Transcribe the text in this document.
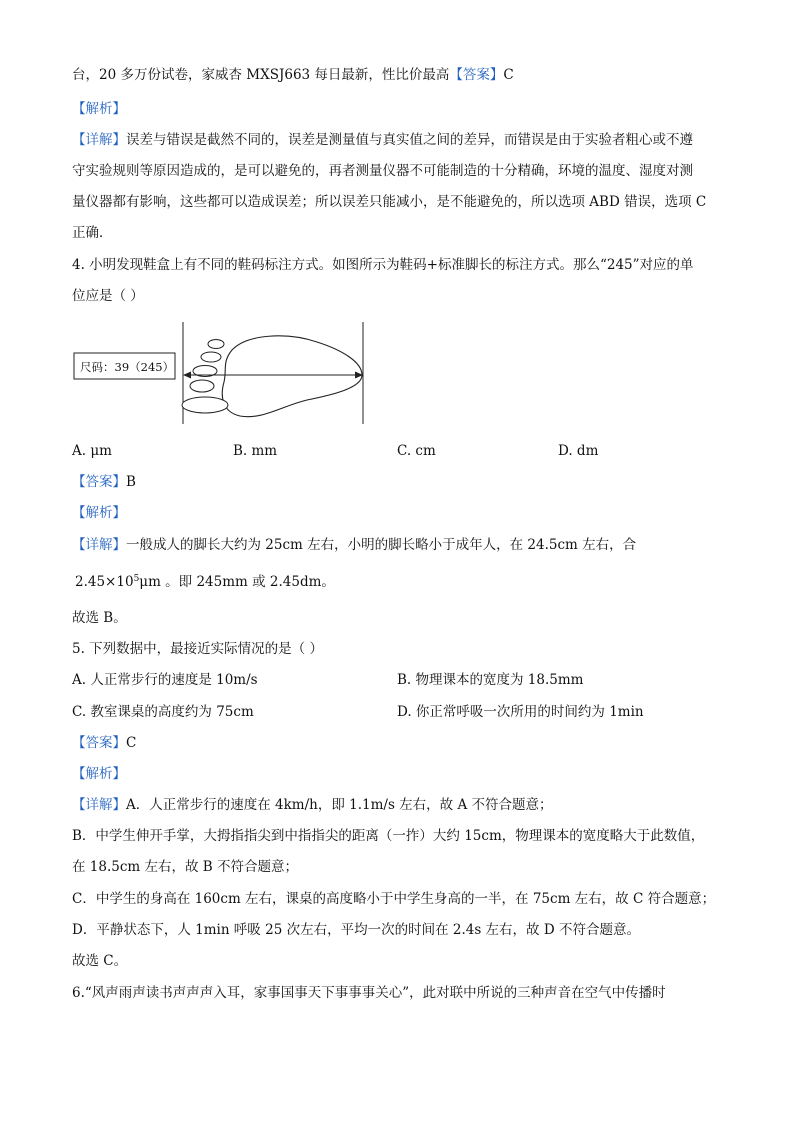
台，20 多万份试卷，家威杏 MXSJ663 每日最新，性比价最高【答案】C
【解析】
【详解】误差与错误是截然不同的，误差是测量值与真实值之间的差异，而错误是由于实验者粗心或不遵
守实验规则等原因造成的，是可以避免的，再者测量仪器不可能制造的十分精确，环境的温度、湿度对测
量仪器都有影响，这些都可以造成误差；所以误差只能减小，是不能避免的，所以选项 ABD 错误，选项 C
正确．
4. 小明发现鞋盒上有不同的鞋码标注方式。如图所示为鞋码+标准脚长的标注方式。那么“245”对应的单
位应是（ ）
尺码：39（245）
A. μm	B. mm	C. cm	D. dm
【答案】B
【解析】
【详解】一般成人的脚长大约为 25cm 左右，小明的脚长略小于成年人，在 24.5cm 左右，合
$2.45\times 10^5\mu m$ 。即 245mm 或 2.45dm。
故选 B。
5. 下列数据中，最接近实际情况的是（ ）
A. 人正常步行的速度是 10m/s	B. 物理课本的宽度为 18.5mm
C. 教室课桌的高度约为 75cm	D. 你正常呼吸一次所用的时间约为 1min
【答案】C
【解析】
【详解】A．人正常步行的速度在 4km/h，即 1.1m/s 左右，故 A 不符合题意；
B．中学生伸开手掌，大拇指指尖到中指指尖的距离（一拃）大约 15cm，物理课本的宽度略大于此数值，
在 18.5cm 左右，故 B 不符合题意；
C．中学生的身高在 160cm 左右，课桌的高度略小于中学生身高的一半，在 75cm 左右，故 C 符合题意；
D．平静状态下，人 1min 呼吸 25 次左右，平均一次的时间在 2.4s 左右，故 D 不符合题意。
故选 C。
6.“风声雨声读书声声声入耳，家事国事天下事事事关心”，此对联中所说的三种声音在空气中传播时
